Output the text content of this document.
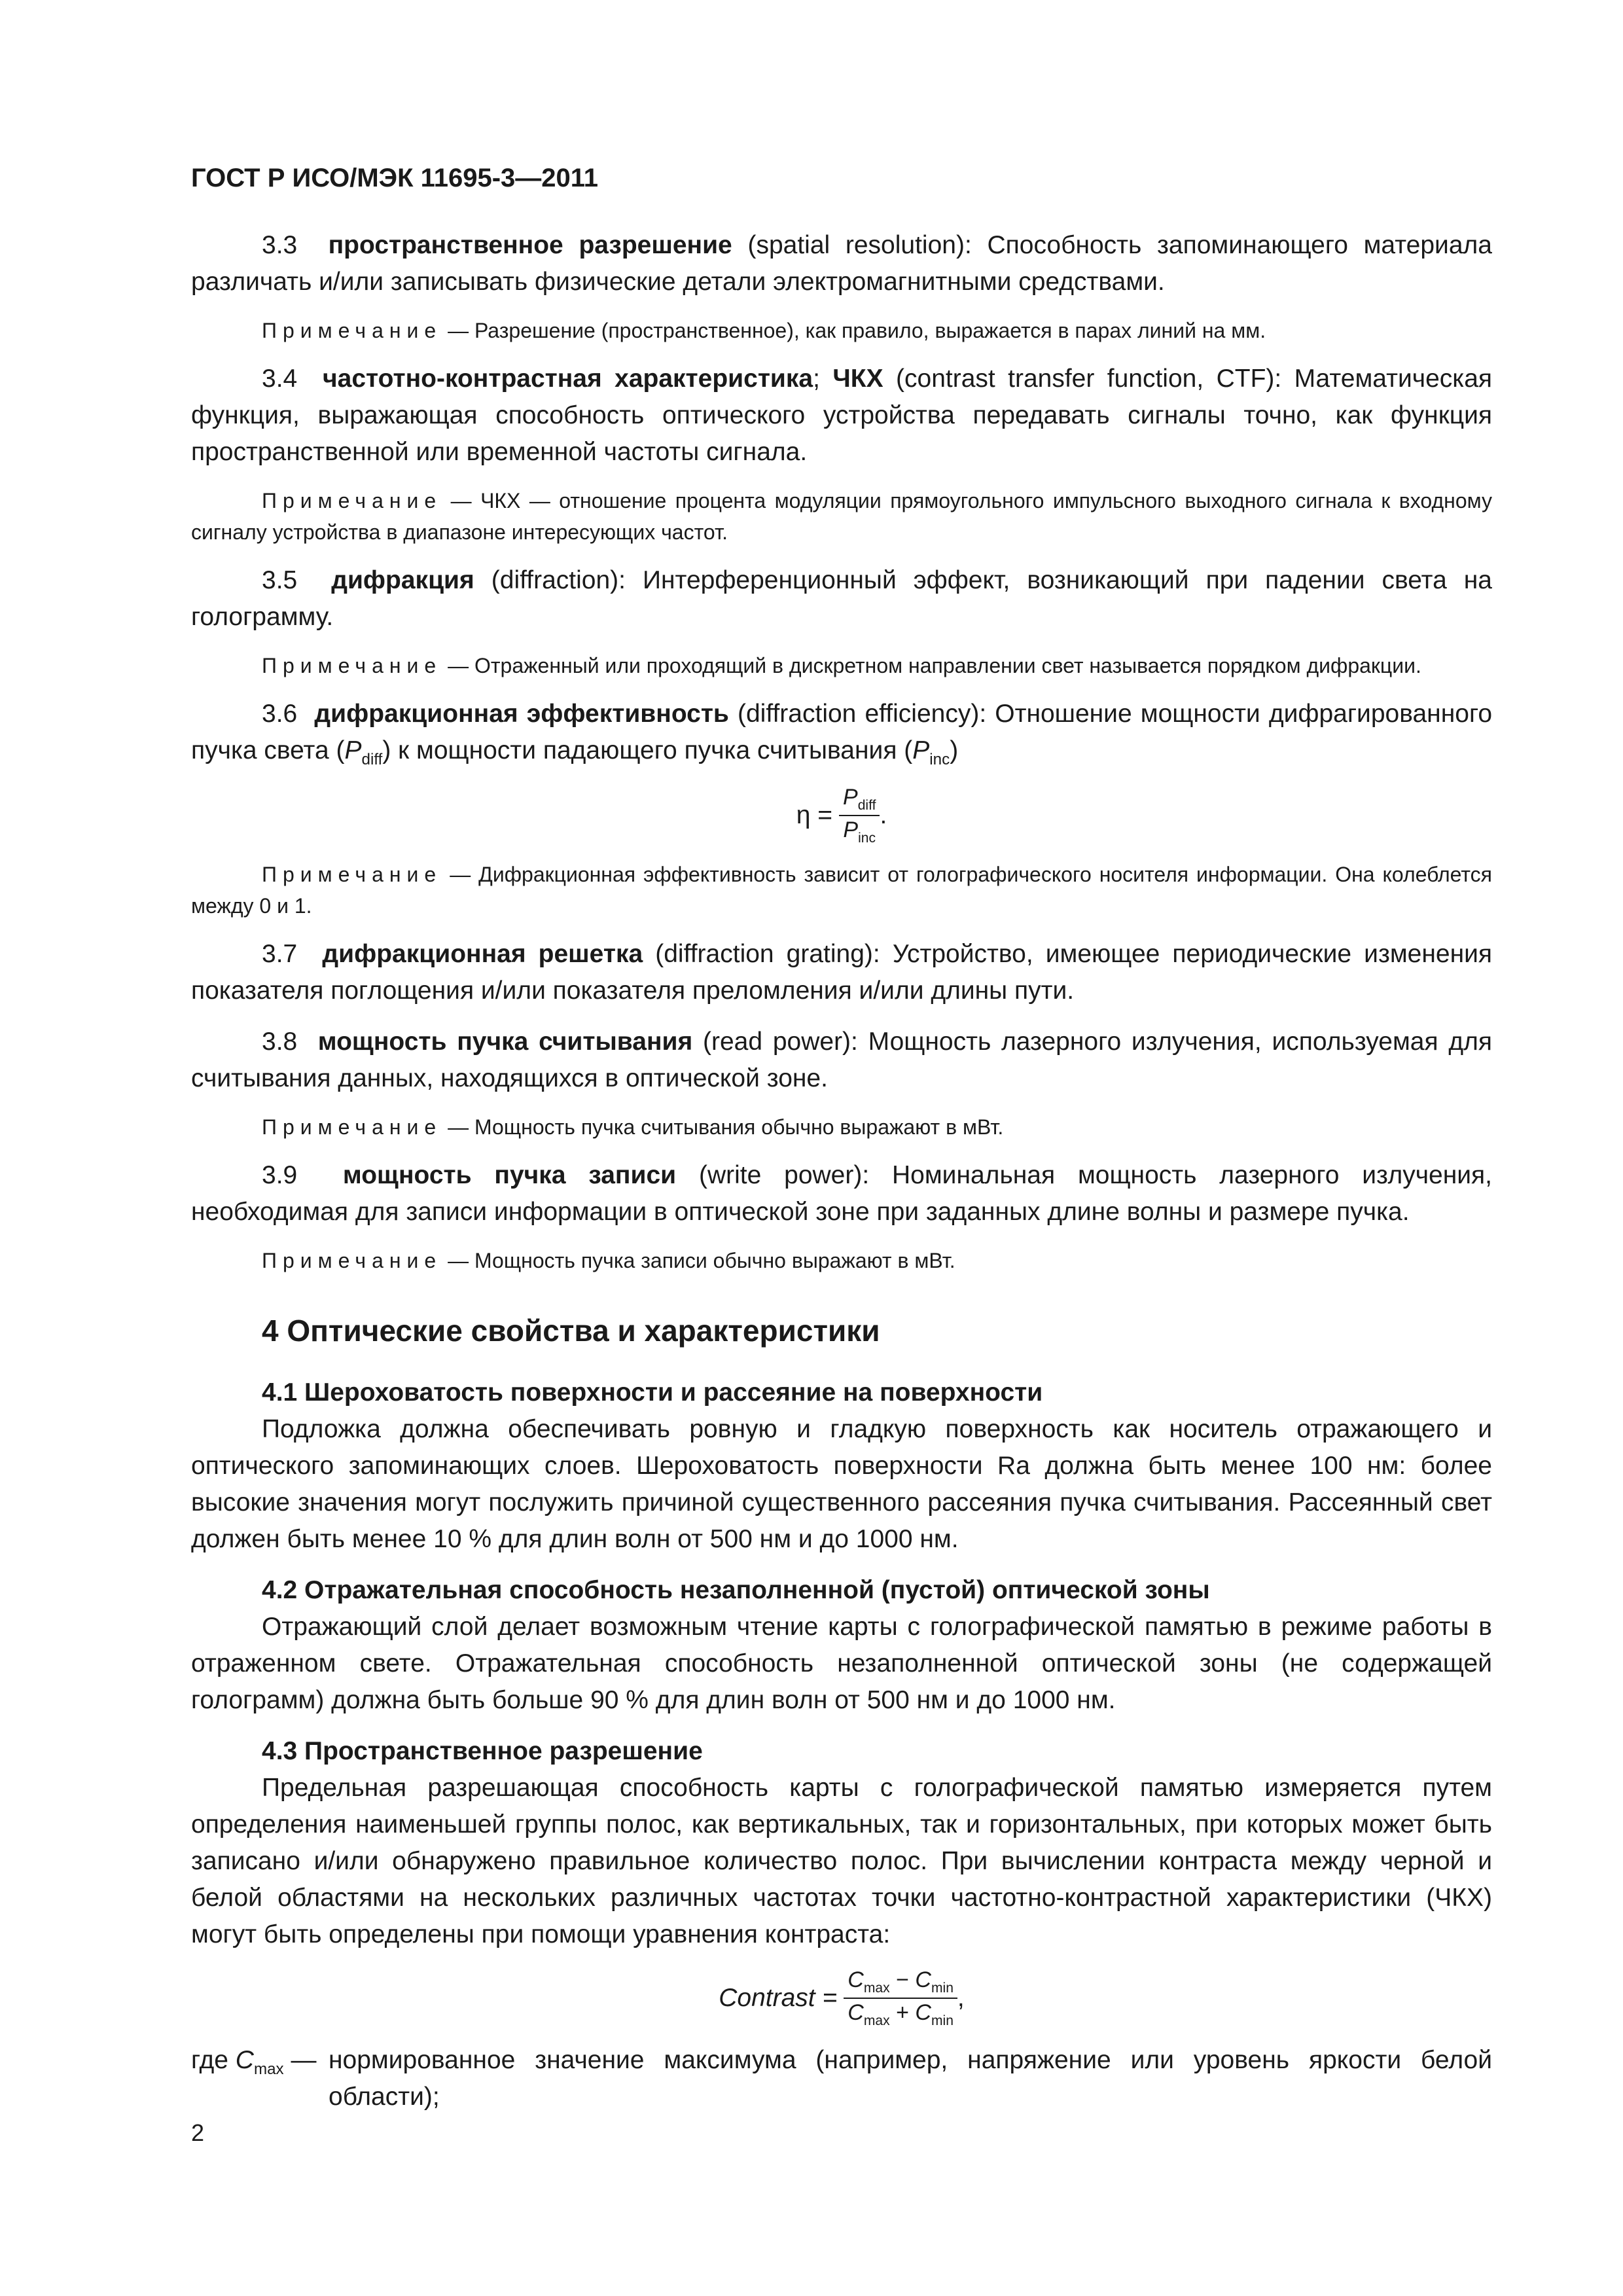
ГОСТ Р ИСО/МЭК 11695-3—2011

3.3 пространственное разрешение (spatial resolution): Способность запоминающего материала различать и/или записывать физические детали электромагнитными средствами.

Примечание — Разрешение (пространственное), как правило, выражается в парах линий на мм.

3.4 частотно-контрастная характеристика; ЧКХ (contrast transfer function, CTF): Математическая функция, выражающая способность оптического устройства передавать сигналы точно, как функция пространственной или временной частоты сигнала.

Примечание — ЧКХ — отношение процента модуляции прямоугольного импульсного выходного сигнала к входному сигналу устройства в диапазоне интересующих частот.

3.5 дифракция (diffraction): Интерференционный эффект, возникающий при падении света на голограмму.

Примечание — Отраженный или проходящий в дискретном направлении свет называется порядком дифракции.

3.6 дифракционная эффективность (diffraction efficiency): Отношение мощности дифрагированного пучка света $(P_{diff})$ к мощности падающего пучка считывания $(P_{inc})$

$\eta = \frac{P_{diff}}{P_{inc}}$ .

Примечание — Дифракционная эффективность зависит от голографического носителя информации. Она колеблется между 0 и 1.

3.7 дифракционная решетка (diffraction grating): Устройство, имеющее периодические изменения показателя поглощения и/или показателя преломления и/или длины пути.

3.8 мощность пучка считывания (read power): Мощность лазерного излучения, используемая для считывания данных, находящихся в оптической зоне.

Примечание — Мощность пучка считывания обычно выражают в мВт.

3.9 мощность пучка записи (write power): Номинальная мощность лазерного излучения, необходимая для записи информации в оптической зоне при заданных длине волны и размере пучка.

Примечание — Мощность пучка записи обычно выражают в мВт.

4 Оптические свойства и характеристики
4.1 Шероховатость поверхности и рассеяние на поверхности

Подложка должна обеспечивать ровную и гладкую поверхность как носитель отражающего и оптического запоминающих слоев. Шероховатость поверхности Ra должна быть менее 100 нм: более высокие значения могут послужить причиной существенного рассеяния пучка считывания. Рассеянный свет должен быть менее 10 % для длин волн от 500 нм и до 1000 нм.

4.2 Отражательная способность незаполненной (пустой) оптической зоны

Отражающий слой делает возможным чтение карты с голографической памятью в режиме работы в отраженном свете. Отражательная способность незаполненной оптической зоны (не содержащей голограмм) должна быть больше 90 % для длин волн от 500 нм и до 1000 нм.

4.3 Пространственное разрешение

Предельная разрешающая способность карты с голографической памятью измеряется путем определения наименьшей группы полос, как вертикальных, так и горизонтальных, при которых может быть записано и/или обнаружено правильное количество полос. При вычислении контраста между черной и белой областями на нескольких различных частотах точки частотно-контрастной характеристики (ЧКХ) могут быть определены при помощи уравнения контраста:

Contrast = $\frac{C_{max} - C_{min}}{C_{max} + C_{min}}$ ,
где $C_{max}$ — нормированное значение максимума (например, напряжение или уровень яркости белой области);
2
